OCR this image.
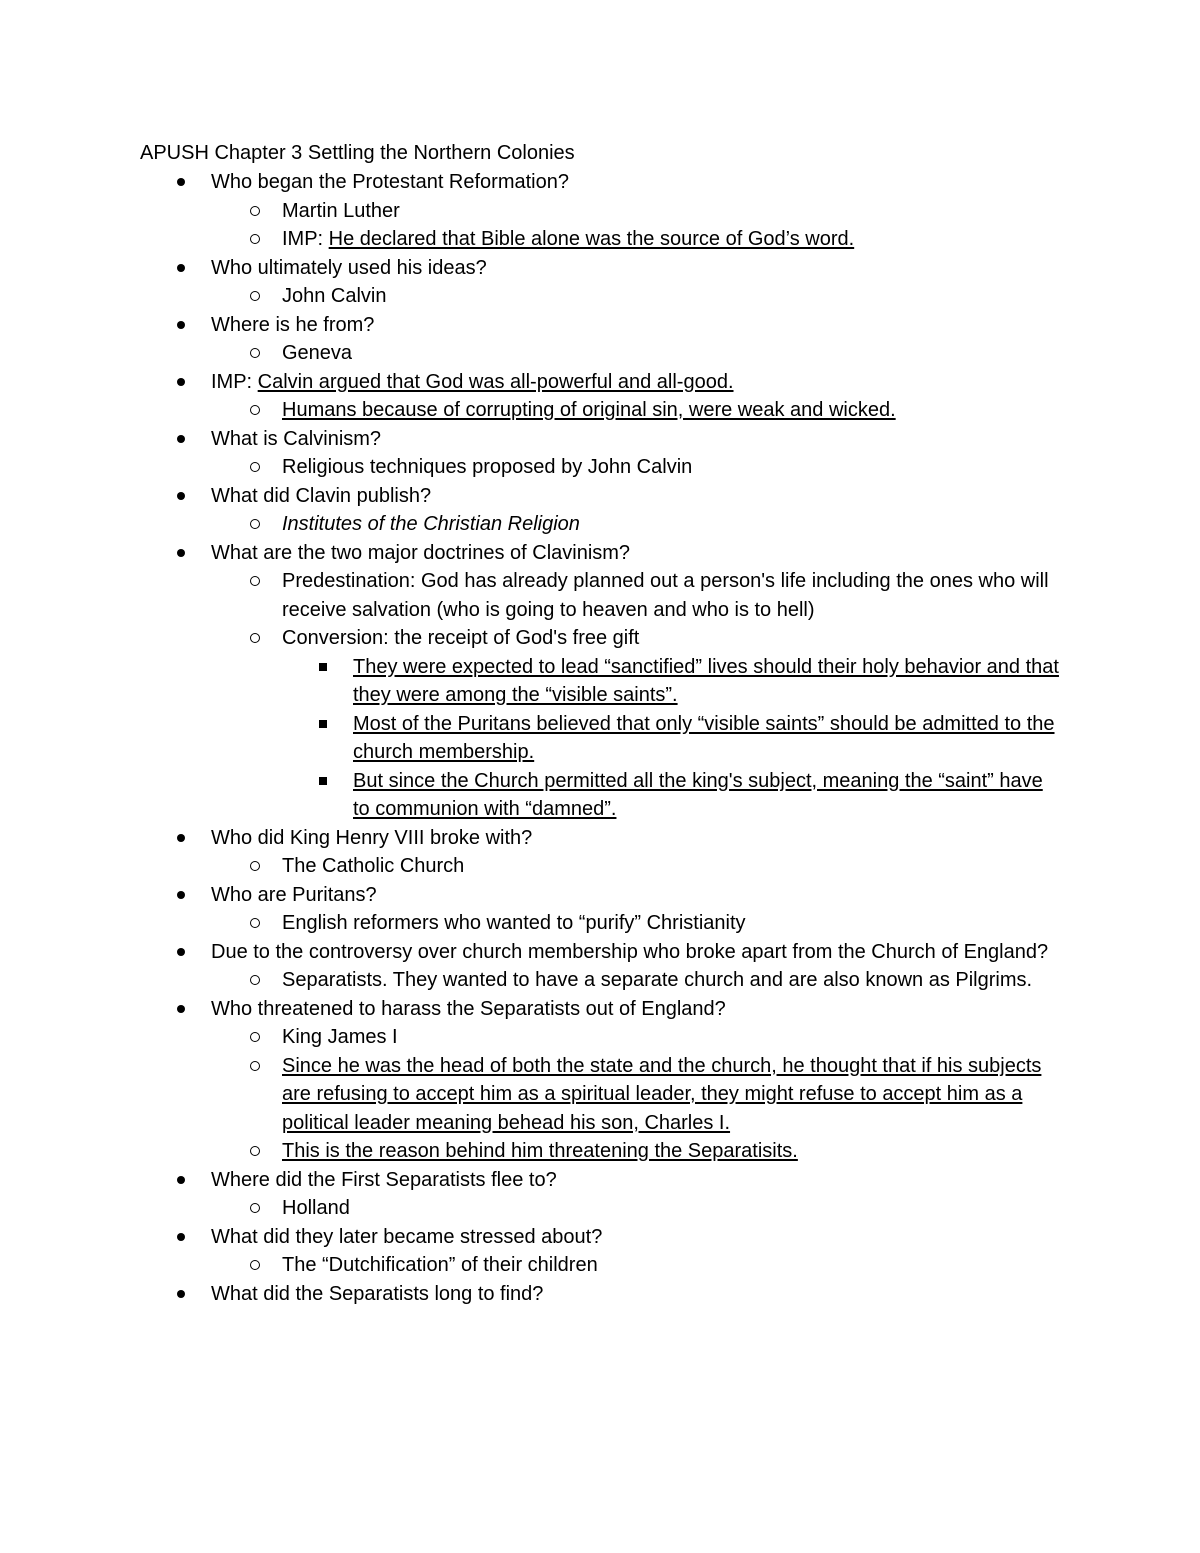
APUSH Chapter 3 Settling the Northern Colonies
Who began the Protestant Reformation?
Martin Luther
IMP: He declared that Bible alone was the source of God’s word.
Who ultimately used his ideas?
John Calvin
Where is he from?
Geneva
IMP: Calvin argued that God was all-powerful and all-good.
Humans because of corrupting of original sin, were weak and wicked.
What is Calvinism?
Religious techniques proposed by John Calvin
What did Clavin publish?
Institutes of the Christian Religion
What are the two major doctrines of Clavinism?
Predestination: God has already planned out a person's life including the ones who will receive salvation (who is going to heaven and who is to hell)
Conversion: the receipt of God's free gift
They were expected to lead “sanctified” lives should their holy behavior and that they were among the “visible saints”.
Most of the Puritans believed that only “visible saints” should be admitted to the church membership.
But since the Church permitted all the king's subject, meaning the “saint” have to communion with “damned”.
Who did King Henry VIII broke with?
The Catholic Church
Who are Puritans?
English reformers who wanted to “purify” Christianity
Due to the controversy over church membership who broke apart from the Church of England?
Separatists. They wanted to have a separate church and are also known as Pilgrims.
Who threatened to harass the Separatists out of England?
King James I
Since he was the head of both the state and the church, he thought that if his subjects are refusing to accept him as a spiritual leader, they might refuse to accept him as a political leader meaning behead his son, Charles I.
This is the reason behind him threatening the Separatisits.
Where did the First Separatists flee to?
Holland
What did they later became stressed about?
The “Dutchification” of their children
What did the Separatists long to find?
